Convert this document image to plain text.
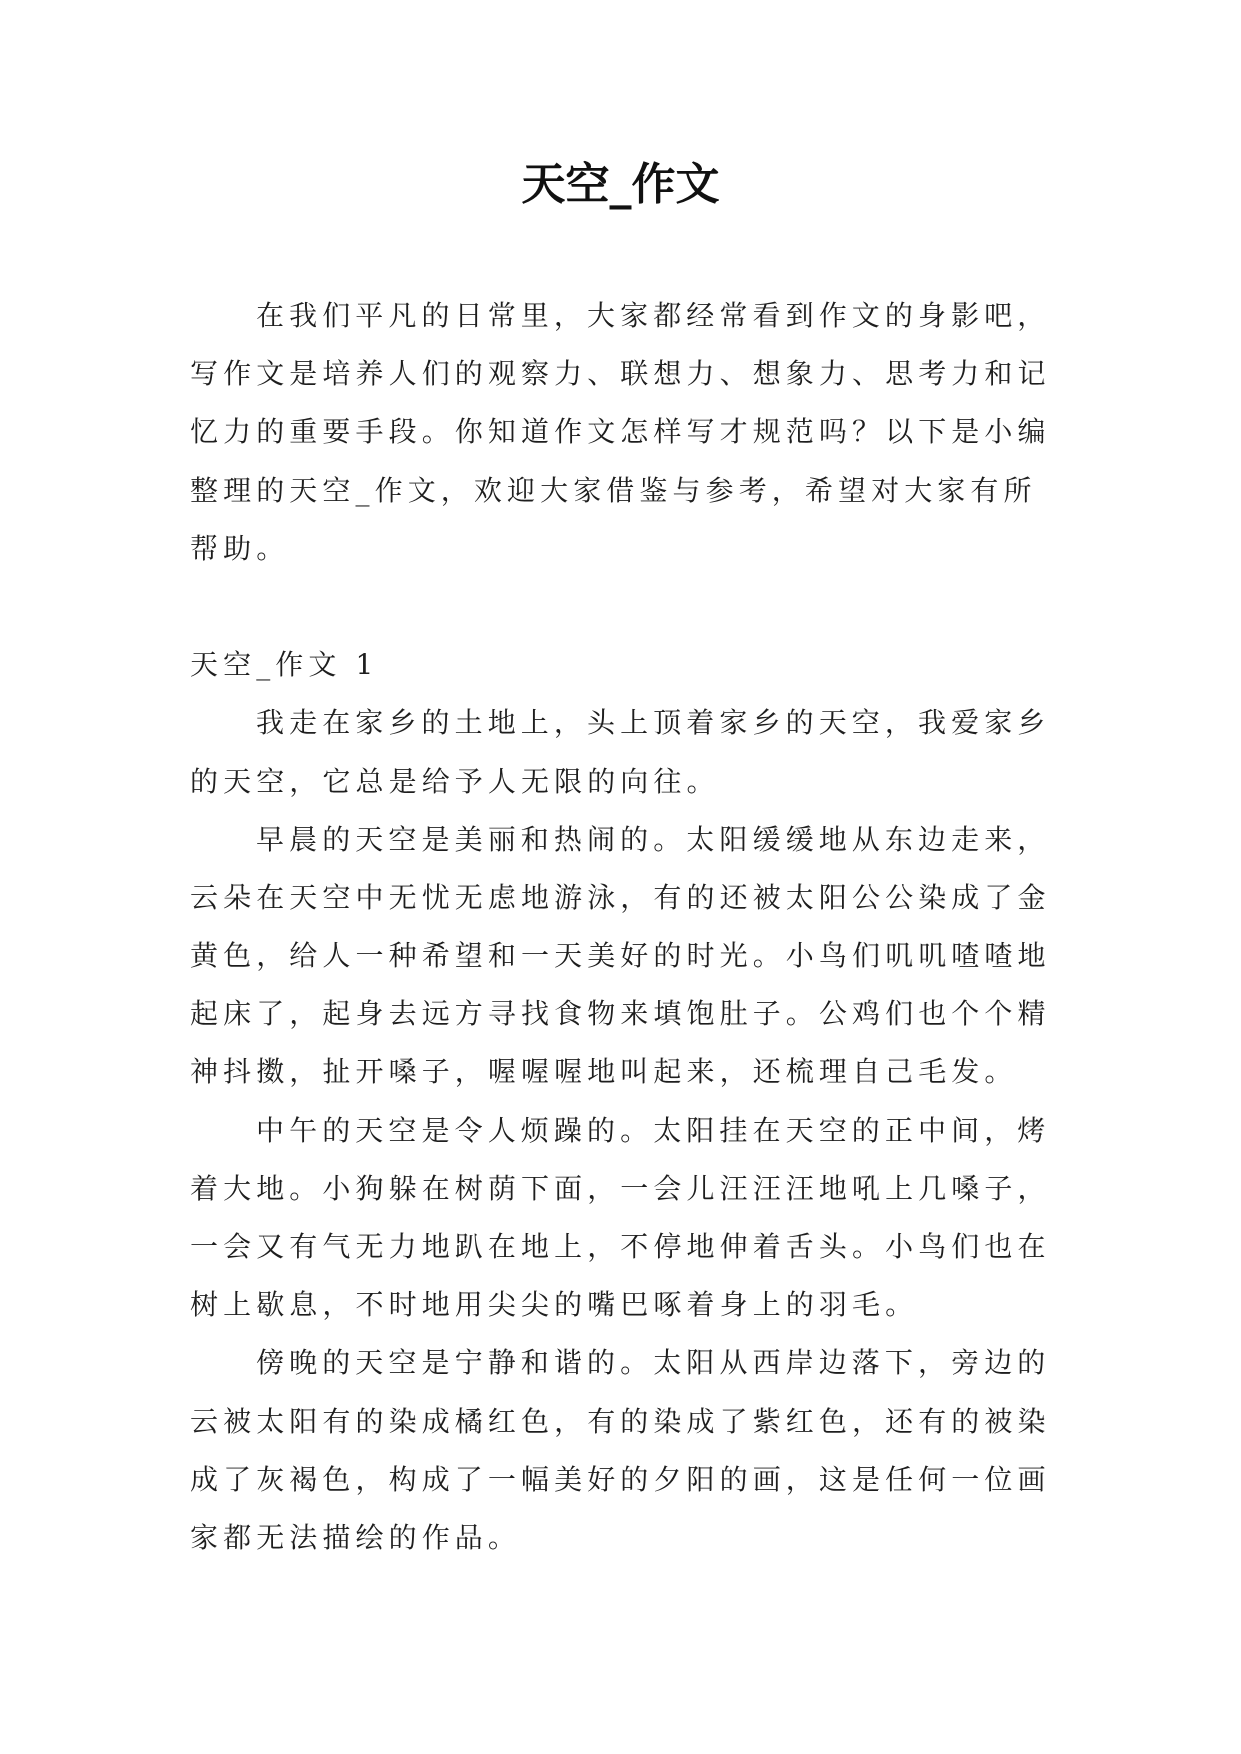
天空_作文
在我们平凡的日常里，大家都经常看到作文的身影吧，
写作文是培养人们的观察力、联想力、想象力、思考力和记
忆力的重要手段。你知道作文怎样写才规范吗？以下是小编
整理的天空_作文，欢迎大家借鉴与参考，希望对大家有所
帮助。
天空_作文 1
我走在家乡的土地上，头上顶着家乡的天空，我爱家乡
的天空，它总是给予人无限的向往。
早晨的天空是美丽和热闹的。太阳缓缓地从东边走来，
云朵在天空中无忧无虑地游泳，有的还被太阳公公染成了金
黄色，给人一种希望和一天美好的时光。小鸟们叽叽喳喳地
起床了，起身去远方寻找食物来填饱肚子。公鸡们也个个精
神抖擞，扯开嗓子，喔喔喔地叫起来，还梳理自己毛发。
中午的天空是令人烦躁的。太阳挂在天空的正中间，烤
着大地。小狗躲在树荫下面，一会儿汪汪汪地吼上几嗓子，
一会又有气无力地趴在地上，不停地伸着舌头。小鸟们也在
树上歇息，不时地用尖尖的嘴巴啄着身上的羽毛。
傍晚的天空是宁静和谐的。太阳从西岸边落下，旁边的
云被太阳有的染成橘红色，有的染成了紫红色，还有的被染
成了灰褐色，构成了一幅美好的夕阳的画，这是任何一位画
家都无法描绘的作品。
